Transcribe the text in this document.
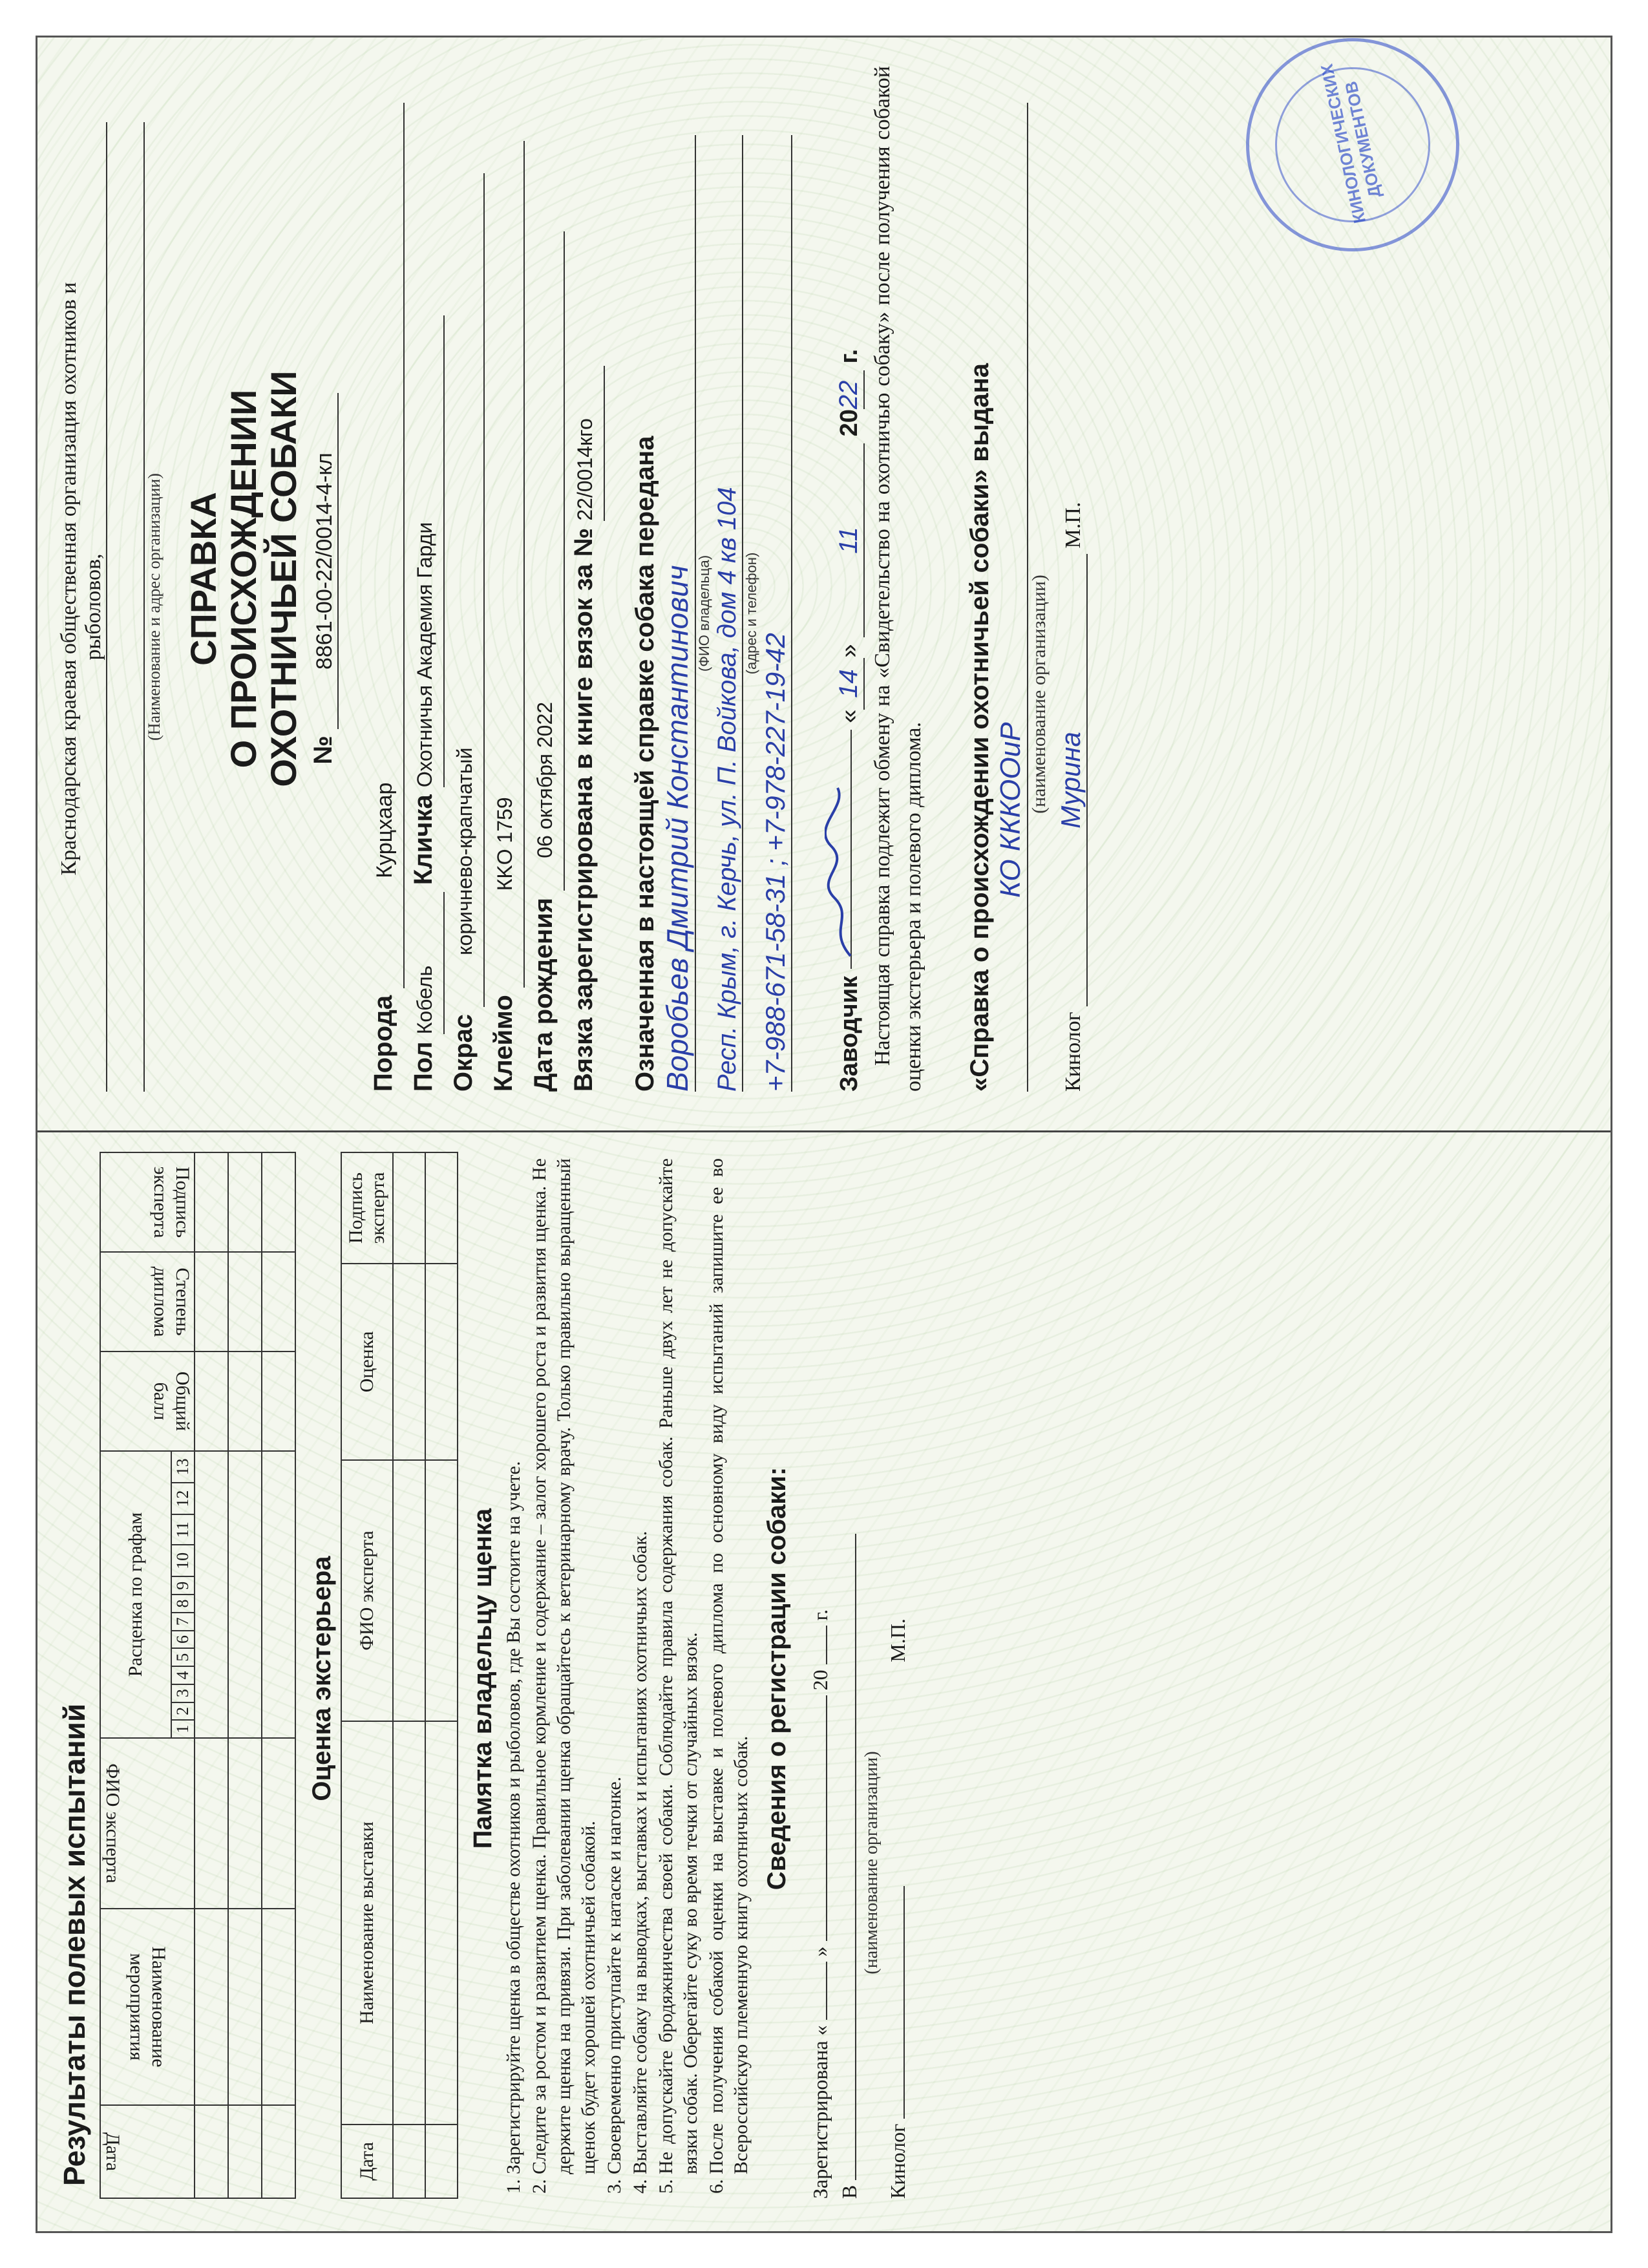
Результаты полевых испытаний Дата	Наименование мероприятия	ФИО эксперта	Расценка по графам													Общий балл	Степень диплома	Подпись эксперта
			1	2	3	4	5	6	7	8	9	10	11	12	13			

Оценка экстерьера
Дата	Наименование выставки	ФИО эксперта	Оценка	Подпись эксперта

Памятка владельцу щенка 1. Зарегистрируйте щенка в обществе охотников и рыболовов, где Вы состоите на учете. 2. Следите за ростом и развитием щенка. Правильное кормление и содержание – залог хорошего роста и развития щенка. Не держите щенка на привязи. При заболевании щенка обращайтесь к ветеринарному врачу. Только правильно выращенный щенок будет хорошей охотничьей собакой. 3. Своевременно приступайте к натаске и нагонке. 4. Выставляйте собаку на выводках, выставках и испытаниях охотничьих собак. 5. Не допускайте бродяжничества своей собаки. Соблюдайте правила содержания собак. Раньше двух лет не допускайте вязки собак. Оберегайте суку во время течки от случайных вязок. 6. После получения собакой оценки на выставке и полевого диплома по основному виду испытаний запишите ее во Всероссийскую племенную книгу охотничьих собак.
Сведения о регистрации собаки:
Зарегистрирована «  »  20  г.
В
(наименование организации)
Кинолог   М.П.
Краснодарская краевая общественная организация охотников и рыболовов, (Наименование и адрес организации) СПРАВКА О ПРОИСХОЖДЕНИИ ОХОТНИЧЬЕЙ СОБАКИ № 8861-00-22/0014-4-кл
Порода Курцхаар
Пол Кобель Кличка Охотничья Академия Гарди
Окрас коричнево-крапчатый
Клеймо КKO 1759
Дата рождения 06 октября 2022 Вязка зарегистрирована в книге вязок за № 22/0014кго	Означенная в настоящей справке собака передана Воробьев Дмитрий Константинович (ФИО владельца) Респ. Крым, г. Керчь, ул. П. Войкова, дом 4 кв 104 (адрес и телефон)
+7-988-671-58-31 ; +7-978-227-19-42	Заводчик  «14» 11 2022 г. Настоящая справка подлежит обмену на «Свидетельство на охотничью собаку» после получения собакой оценки экстерьера и полевого диплома. «Справка о происхождении охотничьей собаки» выдана КО КККООиР (наименование организации)
Кинолог Мурина М.П.
КИНОЛОГИЧЕСКИХ ДОКУМЕНТОВ
